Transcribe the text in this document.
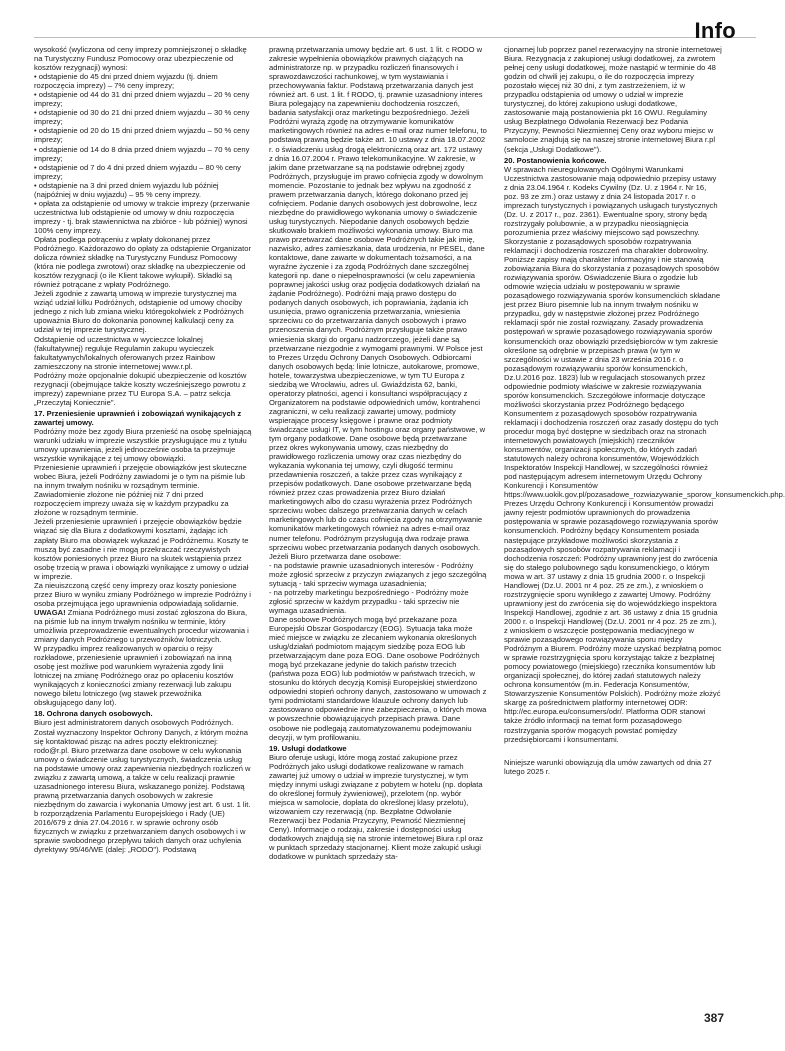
Info

wysokość (wyliczona od ceny imprezy pomniejszonej o składkę na Turystyczny Fundusz Pomocowy oraz ubezpieczenie od kosztów rezygnacji) wynosi:

• odstąpienie do 45 dni przed dniem wyjazdu (tj. dniem rozpoczęcia imprezy) – 7% ceny imprezy;

• odstąpienie od 44 do 31 dni przed dniem wyjazdu – 20 % ceny imprezy;

• odstąpienie od 30 do 21 dni przed dniem wyjazdu – 30 % ceny imprezy;

• odstąpienie od 20 do 15 dni przed dniem wyjazdu – 50 % ceny imprezy;

• odstąpienie od 14 do 8 dnia przed dniem wyjazdu – 70 % ceny imprezy;

• odstąpienie od 7 do 4 dni przed dniem wyjazdu – 80 % ceny imprezy;

• odstąpienie na 3 dni przed dniem wyjazdu lub później (najpóźniej w dniu wyjazdu) – 95 % ceny imprezy.

• opłata za odstąpienie od umowy w trakcie imprezy (przerwanie uczestnictwa lub odstąpienie od umowy w dniu rozpoczęcia imprezy - tj. brak stawiennictwa na zbiórce - lub później) wynosi 100% ceny imprezy.

Opłata podlega potrąceniu z wpłaty dokonanej przez Podróżnego. Każdorazowo do opłaty za odstąpienie Organizator dolicza również składkę na Turystyczny Fundusz Pomocowy (która nie podlega zwrotowi) oraz składkę na ubezpieczenie od kosztów rezygnacji (o ile Klient takowe wykupił). Składki są również potrącane z wpłaty Podróżnego.

Jeżeli zgodnie z zawartą umową w imprezie turystycznej ma wziąć udział kilku Podróżnych, odstąpienie od umowy chociby jednego z nich lub zmiana wieku któregokolwiek z Podróżnych upoważnia Biuro do dokonania ponownej kalkulacji ceny za udział w tej imprezie turystycznej.

Odstąpienie od uczestnictwa w wycieczce lokalnej (fakultatywnej) reguluje Regulamin zakupu wycieczek fakultatywnych/lokalnych oferowanych przez Rainbow zamieszczony na stronie internetowej www.r.pl.

Podróżny może opcjonalnie dokupić ubezpieczenie od kosztów rezygnacji (obejmujące także koszty wcześniejszego powrotu z imprezy) zapewniane przez TU Europa S.A. – patrz sekcja „Przeczytaj Koniecznie".

17. Przeniesienie uprawnień i zobowiązań wynikających z zawartej umowy.

Podróżny może bez zgody Biura przenieść na osobę spełniającą warunki udziału w imprezie wszystkie przysługujące mu z tytułu umowy uprawnienia, jeżeli jednocześnie osoba ta przejmuje wszystkie wynikające z tej umowy obowiązki.

Przeniesienie uprawnień i przejęcie obowiązków jest skuteczne wobec Biura, jeżeli Podróżny zawiadomi je o tym na piśmie lub na innym trwałym nośniku w rozsądnym terminie. Zawiadomienie złożone nie później niż 7 dni przed rozpoczęciem imprezy uważa się w każdym przypadku za złożone w rozsądnym terminie.

Jeżeli przeniesienie uprawnień i przejęcie obowiązków będzie wiązać się dla Biura z dodatkowymi kosztami, żądając ich zapłaty Biuro ma obowiązek wykazać je Podróżnemu. Koszty te muszą być zasadne i nie mogą przekraczać rzeczywistych kosztów poniesionych przez Biuro na skutek wstąpienia przez osobę trzecią w prawa i obowiązki wynikające z umowy o udział w imprezie.

Za nieuiszczoną część ceny imprezy oraz koszty poniesione przez Biuro w wyniku zmiany Podróżnego w imprezie Podróżny i osoba przejmująca jego uprawnienia odpowiadają solidarnie.

UWAGA! Zmiana Podróżnego musi zostać zgłoszona do Biura, na piśmie lub na innym trwałym nośniku w terminie, który umożliwia przeprowadzenie ewentualnych procedur wizowania i zmiany danych Podróżnego u przewoźników lotniczych.

W przypadku imprez realizowanych w oparciu o rejsy rozkładowe, przeniesienie uprawnień i zobowiązań na inną osobę jest możliwe pod warunkiem wyrażenia zgody linii lotniczej na zmianę Podróżnego oraz po opłaceniu kosztów wynikających z konieczności zmiany rezerwacji lub zakupu nowego biletu lotniczego (wg stawek przewoźnika obsługującego dany lot).

18. Ochrona danych osobowych.

Biuro jest administratorem danych osobowych Podróżnych. Został wyznaczony Inspektor Ochrony Danych, z którym można się kontaktować pisząc na adres poczty elektronicznej: rodo@r.pl. Biuro przetwarza dane osobowe w celu wykonania umowy o świadczenie usług turystycznych, świadczenia usług na podstawie umowy oraz zapewnienia niezbędnych rozliczeń w związku z zawartą umową, a także w celu realizacji prawnie uzasadnionego interesu Biura, wskazanego poniżej. Podstawą prawną przetwarzania danych osobowych w zakresie niezbędnym do zawarcia i wykonania Umowy jest art. 6 ust. 1 lit. b rozporządzenia Parlamentu Europejskiego i Rady (UE) 2016/679 z dnia 27.04.2016 r. w sprawie ochrony osób fizycznych w związku z przetwarzaniem danych osobowych i w sprawie swobodnego przepływu takich danych oraz uchylenia dyrektywy 95/46/WE (dalej: „RODO"). Podstawą

prawną przetwarzania umowy będzie art. 6 ust. 1 lit. c RODO w zakresie wypełnienia obowiązków prawnych ciążących na administratorze np. w przypadku rozliczeń finansowych i sprawozdawczości rachunkowej, w tym wystawiania i przechowywania faktur. Podstawą przetwarzania danych jest również art. 6 ust. 1 lit. f RODO, tj. prawnie uzasadniony interes Biura polegający na zapewnieniu dochodzenia roszczeń, badania satysfakcji oraz marketingu bezpośredniego. Jeżeli Podróżni wyrażą zgodę na otrzymywanie komunikatów marketingowych również na adres e-mail oraz numer telefonu, to podstawą prawną będzie także art. 10 ustawy z dnia 18.07.2002 r. o świadczeniu usług drogą elektroniczną oraz art. 172 ustawy z dnia 16.07.2004 r. Prawo telekomunikacyjne. W zakresie, w jakim dane przetwarzane są na podstawie odrębnej zgody Podróżnych, przysługuje im prawo cofnięcia zgody w dowolnym momencie. Pozostanie to jednak bez wpływu na zgodność z prawem przetwarzania danych, którego dokonano przed jej cofnięciem. Podanie danych osobowych jest dobrowolne, lecz niezbędne do prawidłowego wykonania umowy o świadczenie usług turystycznych. Niepodanie danych osobowych będzie skutkowało brakiem możliwości wykonania umowy. Biuro ma prawo przetwarzać dane osobowe Podróżnych takie jak imię, nazwisko, adres zamieszkania, data urodzenia, nr PESEL, dane kontaktowe, dane zawarte w dokumentach tożsamości, a na wyraźne życzenie i za zgodą Podróżnych dane szczególnej kategorii np. dane o niepełnosprawności (w celu zapewnienia poprawnej jakości usług oraz podjęcia dodatkowych działań na żądanie Podróżnego). Podróżni mają prawo dostępu do podanych danych osobowych, ich poprawiania, żądania ich usunięcia, prawo ograniczenia przetwarzania, wniesienia sprzeciwu co do przetwarzania danych osobowych i prawo przenoszenia danych. Podróżnym przysługuje także prawo wniesienia skargi do organu nadzorczego, jeżeli dane są przetwarzane niezgodnie z wymogami prawnymi. W Polsce jest to Prezes Urzędu Ochrony Danych Osobowych. Odbiorcami danych osobowych będą: linie lotnicze, autokarowe, promowe, hotele, towarzystwa ubezpieczeniowe, w tym TU Europa z siedzibą we Wrocławiu, adres ul. Gwiaździsta 62, banki, operatorzy płatności, agenci i konsultanci współpracujący z Organizatorem na podstawie odpowiednich umów, kontrahenci zagraniczni, w celu realizacji zawartej umowy, podmioty wspierające procesy księgowe i prawne oraz podmioty świadczące usługi IT, w tym hostingu oraz organy państwowe, w tym organy podatkowe. Dane osobowe będą przetwarzane przez okres wykonywania umowy, czas niezbędny do prawidłowego rozliczenia umowy oraz czas niezbędny do wykazania wykonania tej umowy, czyli długość terminu przedawnienia roszczeń, a także przez czas wynikający z przepisów podatkowych. Dane osobowe przetwarzane będą również przez czas prowadzenia przez Biuro działań marketingowych albo do czasu wyrażenia przez Podróżnych sprzeciwu wobec dalszego przetwarzania danych w celach marketingowych lub do czasu cofnięcia zgody na otrzymywanie komunikatów marketingowych również na adres e-mail oraz numer telefonu. Podróżnym przysługują dwa rodzaje prawa sprzeciwu wobec przetwarzania podanych danych osobowych. Jeżeli Biuro przetwarza dane osobowe:

- na podstawie prawnie uzasadnionych interesów - Podróżny może zgłosić sprzeciw z przyczyn związanych z jego szczególną sytuacją - taki sprzeciw wymaga uzasadnienia;

- na potrzeby marketingu bezpośredniego - Podróżny może zgłosić sprzeciw w każdym przypadku - taki sprzeciw nie wymaga uzasadnienia.

Dane osobowe Podróżnych mogą być przekazane poza Europejski Obszar Gospodarczy (EOG). Sytuacja taka może mieć miejsce w związku ze zlecaniem wykonania określonych usług/działań podmiotom mającym siedzibę poza EOG lub przetwarzającym dane poza EOG. Dane osobowe Podróżnych mogą być przekazane jedynie do takich państw trzecich (państwa poza EOG) lub podmiotów w państwach trzecich, w stosunku do których decyzją Komisji Europejskiej stwierdzono odpowiedni stopień ochrony danych, zastosowano w umowach z tymi podmiotami standardowe klauzule ochrony danych lub zastosowano odpowiednie inne zabezpieczenia, o których mowa w powszechnie obowiązujących przepisach prawa. Dane osobowe nie podlegają zautomatyzowanemu podejmowaniu decyzji, w tym profilowaniu.

19. Usługi dodatkowe

Biuro oferuje usługi, które mogą zostać zakupione przez Podróżnych jako usługi dodatkowe realizowane w ramach zawartej już umowy o udział w imprezie turystycznej, w tym między innymi usługi związane z pobytem w hotelu (np. dopłata do określonej formuły żywieniowej), przelotem (np. wybór miejsca w samolocie, dopłata do określonej klasy przelotu), wizowaniem czy rezerwacją (np. Bezpłatne Odwołanie Rezerwacji bez Podania Przyczyny, Pewność Niezmiennej Ceny). Informacje o rodzaju, zakresie i dostępności usług dodatkowych znajdują się na stronie internetowej Biura r.pl oraz w punktach sprzedaży stacjonarnej. Klient może zakupić usługi dodatkowe w punktach sprzedaży sta-

cjonarnej lub poprzez panel rezerwacyjny na stronie internetowej Biura. Rezygnacja z zakupionej usługi dodatkowej, za zwrotem pełnej ceny usługi dodatkowej, może nastąpić w terminie do 48 godzin od chwili jej zakupu, o ile do rozpoczęcia imprezy pozostało więcej niż 30 dni, z tym zastrzeżeniem, iż w przypadku odstąpienia od umowy o udział w imprezie turystycznej, do której zakupiono usługi dodatkowe, zastosowanie mają postanowienia pkt 16 OWU. Regulaminy usług Bezpłatnego Odwołania Rezerwacji bez Podania Przyczyny, Pewności Niezmiennej Ceny oraz wyboru miejsc w samolocie znajdują się na naszej stronie internetowej Biura r.pl (sekcja „Usługi Dodatkowe").

20. Postanowienia końcowe.

W sprawach nieuregulowanych Ogólnymi Warunkami Uczestnictwa zastosowanie mają odpowiednio przepisy ustawy z dnia 23.04.1964 r. Kodeks Cywilny (Dz. U. z 1964 r. Nr 16, poz. 93 ze zm.) oraz ustawy z dnia 24 listopada 2017 r. o imprezach turystycznych i powiązanych usługach turystycznych (Dz. U. z 2017 r., poz. 2361). Ewentualne spory, strony będą rozstrzygały polubownie, a w przypadku nieosiągnięcia porozumienia przez właściwy miejscowo sąd powszechny. Skorzystanie z pozasądowych sposobów rozpatrywania reklamacji i dochodzenia roszczeń ma charakter dobrowolny. Poniższe zapisy mają charakter informacyjny i nie stanowią zobowiązania Biura do skorzystania z pozasądowych sposobów rozwiązywania sporów. Oświadczenie Biura o zgodzie lub odmowie wzięcia udziału w postępowaniu w sprawie pozasądowego rozwiązywania sporów konsumenckich składane jest przez Biuro pisemnie lub na innym trwałym nośniku w przypadku, gdy w następstwie złożonej przez Podróżnego reklamacji spór nie został rozwiązany. Zasady prowadzenia postępowań w sprawie pozasądowego rozwiązywania sporów konsumenckich oraz obowiązki przedsiębiorców w tym zakresie określone są odrębnie w przepisach prawa (w tym w szczególności w ustawie z dnia 23 września 2016 r. o pozasądowym rozwiązywaniu sporów konsumenckich, Dz.U.2016 poz. 1823) lub w regulacjach stosowanych przez odpowiednie podmioty właściwe w zakresie rozwiązywania sporów konsumenckich. Szczegółowe informacje dotyczące możliwości skorzystania przez Podróżnego będącego Konsumentem z pozasądowych sposobów rozpatrywania reklamacji i dochodzenia roszczeń oraz zasady dostępu do tych procedur mogą być dostępne w siedzibach oraz na stronach internetowych powiatowych (miejskich) rzeczników konsumentów, organizacji społecznych, do których zadań statutowych należy ochrona konsumentów, Wojewódzkich Inspektoratów Inspekcji Handlowej, w szczególności również pod następującym adresem internetowym Urzędu Ochrony Konkurencji i Konsumentów https://www.uokik.gov.pl/pozasadowe_rozwiazywanie_sporow_konsumenckich.php. Prezes Urzędu Ochrony Konkurencji i Konsumentów prowadzi jawny rejestr podmiotów uprawnionych do prowadzenia postępowania w sprawie pozasądowego rozwiązywania sporów konsumenckich. Podróżny będący Konsumentem posiada następujące przykładowe możliwości skorzystania z pozasądowych sposobów rozpatrywania reklamacji i dochodzenia roszczeń: Podróżny uprawniony jest do zwrócenia się do stałego polubownego sądu konsumenckiego, o którym mowa w art. 37 ustawy z dnia 15 grudnia 2000 r. o Inspekcji Handlowej (Dz.U. 2001 nr 4 poz. 25 ze zm.), z wnioskiem o rozstrzygnięcie sporu wynikłego z zawartej Umowy. Podróżny uprawniony jest do zwrócenia się do wojewódzkiego inspektora Inspekcji Handlowej, zgodnie z art. 36 ustawy z dnia 15 grudnia 2000 r. o Inspekcji Handlowej (Dz.U. 2001 nr 4 poz. 25 ze zm.), z wnioskiem o wszczęcie postępowania mediacyjnego w sprawie pozasądowego rozwiązywania sporu między Podróżnym a Biurem. Podróżny może uzyskać bezpłatną pomoc w sprawie rozstrzygnięcia sporu korzystając także z bezpłatnej pomocy powiatowego (miejskiego) rzecznika konsumentów lub organizacji społecznej, do której zadań statutowych należy ochrona konsumentów (m.in. Federacja Konsumentów, Stowarzyszenie Konsumentów Polskich). Podróżny może złożyć skargę za pośrednictwem platformy internetowej ODR: http://ec.europa.eu/consumers/odr/. Platforma ODR stanowi także źródło informacji na temat form pozasądowego rozstrzygania sporów mogących powstać pomiędzy przedsiębiorcami i konsumentami.

Niniejsze warunki obowiązują dla umów zawartych od dnia 27 lutego 2025 r.

387
